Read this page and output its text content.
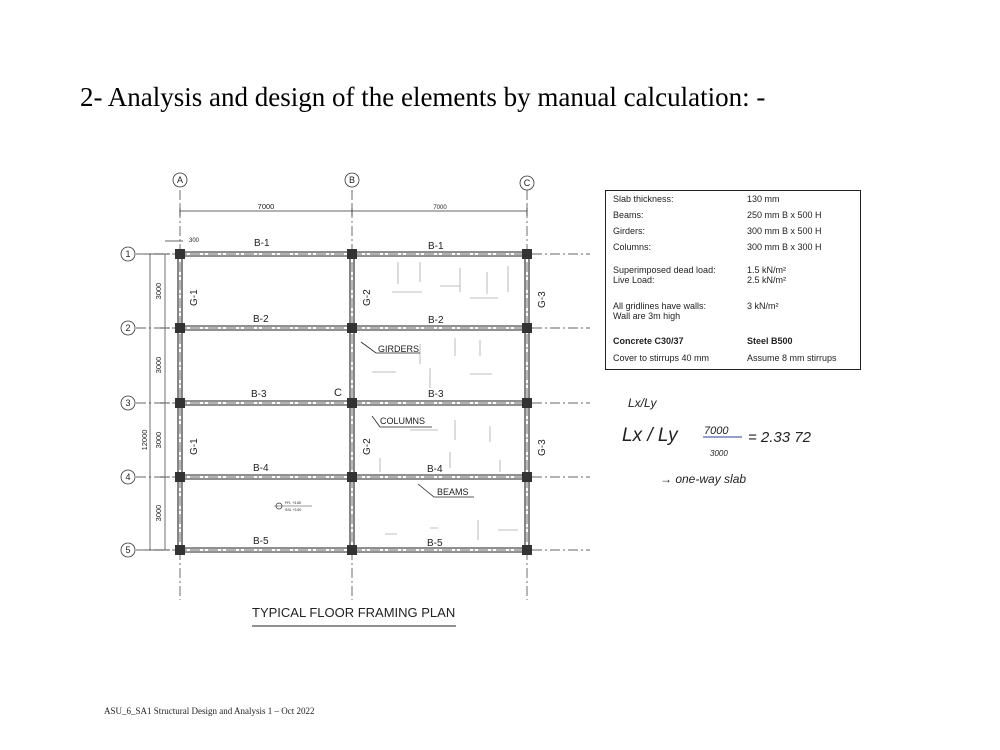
2- Analysis and design of the elements by manual calculation: -
A	B	C
1
2
3
4
5
7000	7000
300
3000
3000
3000
3000
12000
B-1	B-1
B-2	B-2
B-3	B-3
B-4	B-4
B-5	B-5
G-1	G-2	G-3
G-1	G-2	G-3
GIRDERS
COLUMNS
BEAMS
C
FFL +3.65
SSL +3.50
TYPICAL FLOOR FRAMING PLAN
Lx/Ly
Lx / Ly 7000
3000
= 2.33 72
→ one-way slab
Slab thickness:	130 mm
Beams:	250 mm B x 500 H
Girders:	300 mm B x 500 H
Columns:	300 mm B x 300 H
Superimposed dead load:	1.5 kN/m²
Live Load:	2.5 kN/m²
All gridlines have walls:	3 kN/m²
Wall are 3m high
Concrete C30/37	Steel B500
Cover to stirrups 40 mm	Assume 8 mm stirrups
ASU_6_SA1 Structural Design and Analysis 1 – Oct 2022
